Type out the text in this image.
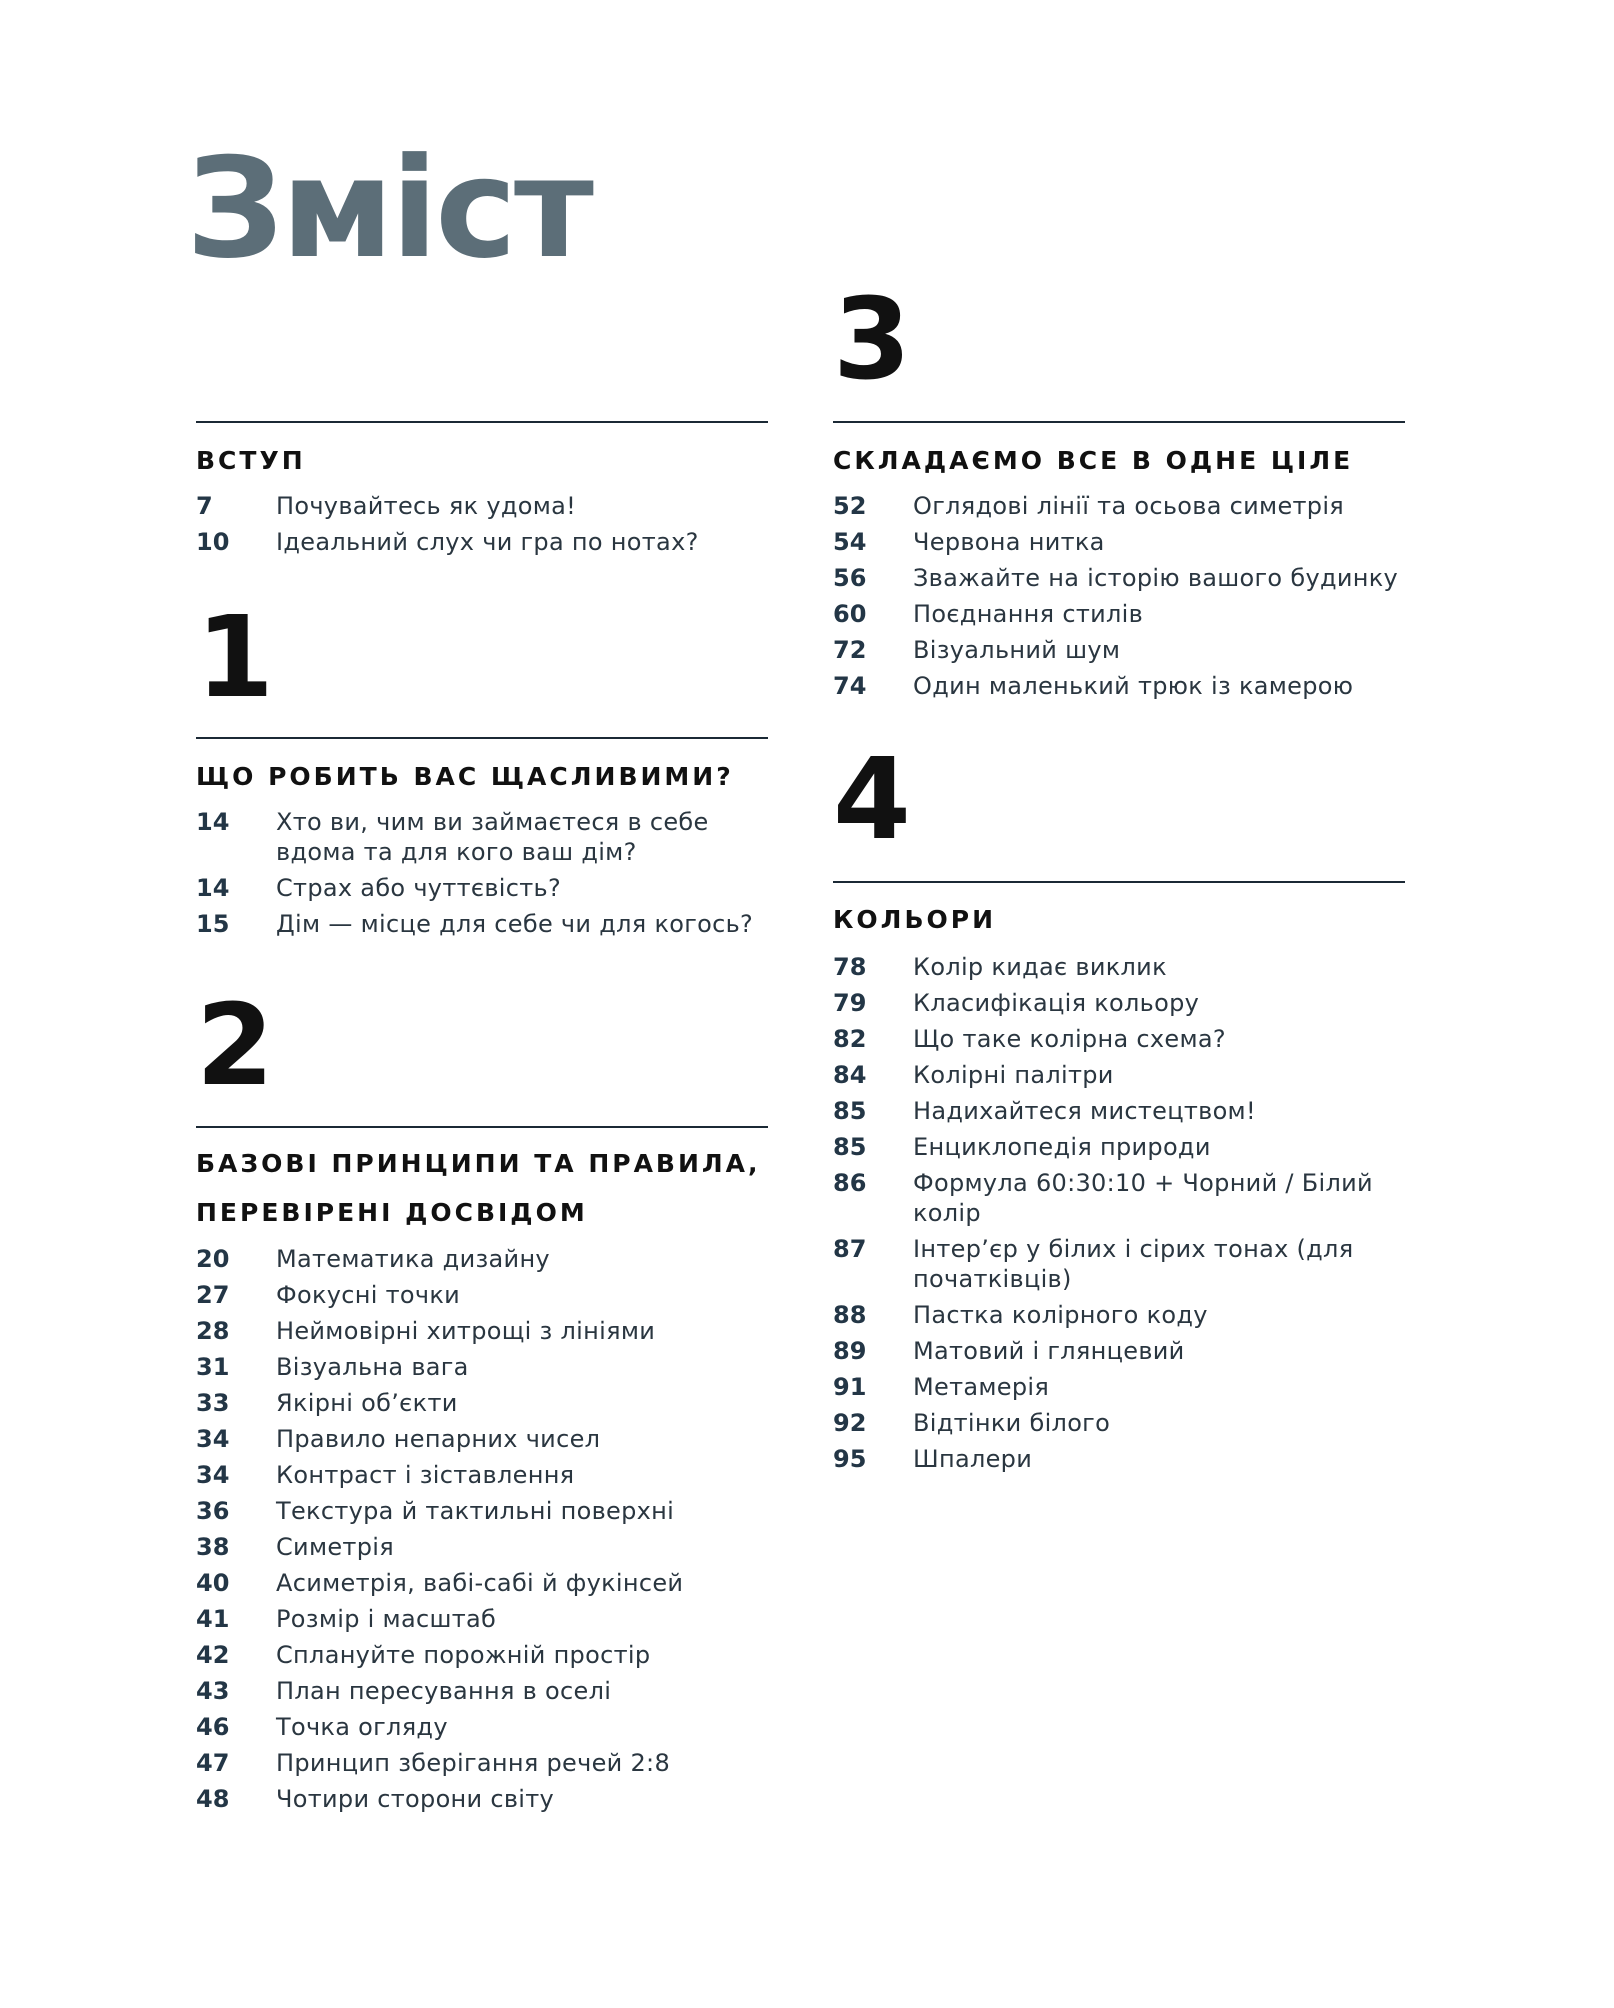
Зміст
ВСТУП
7	Почувайтесь як удома!
10	Ідеальний слух чи гра по нотах?
1
ЩО РОБИТЬ ВАС ЩАСЛИВИМИ?
14	Хто ви, чим ви займаєтеся в себе вдома та для кого ваш дім?
14	Страх або чуттєвість?
15	Дім — місце для себе чи для когось?
2
БАЗОВІ ПРИНЦИПИ ТА ПРАВИЛА,
ПЕРЕВІРЕНІ ДОСВІДОМ
20	Математика дизайну
27	Фокусні точки
28	Неймовірні хитрощі з лініями
31	Візуальна вага
33	Якірні об’єкти
34	Правило непарних чисел
34	Контраст і зіставлення
36	Текстура й тактильні поверхні
38	Симетрія
40	Асиметрія, вабі-сабі й фукінсей
41	Розмір і масштаб
42	Сплануйте порожній простір
43	План пересування в оселі
46	Точка огляду
47	Принцип зберігання речей 2:8
48	Чотири сторони світу
3
СКЛАДАЄМО ВСЕ В ОДНЕ ЦІЛЕ
52	Оглядові лінії та осьова симетрія
54	Червона нитка
56	Зважайте на історію вашого будинку
60	Поєднання стилів
72	Візуальний шум
74	Один маленький трюк із камерою
4
КОЛЬОРИ
78	Колір кидає виклик
79	Класифікація кольору
82	Що таке колірна схема?
84	Колірні палітри
85	Надихайтеся мистецтвом!
85	Енциклопедія природи
86	Формула 60:30:10 + Чорний / Білий колір
87	Інтер’єр у білих і сірих тонах (для початківців)
88	Пастка колірного коду
89	Матовий і глянцевий
91	Метамерія
92	Відтінки білого
95	Шпалери
